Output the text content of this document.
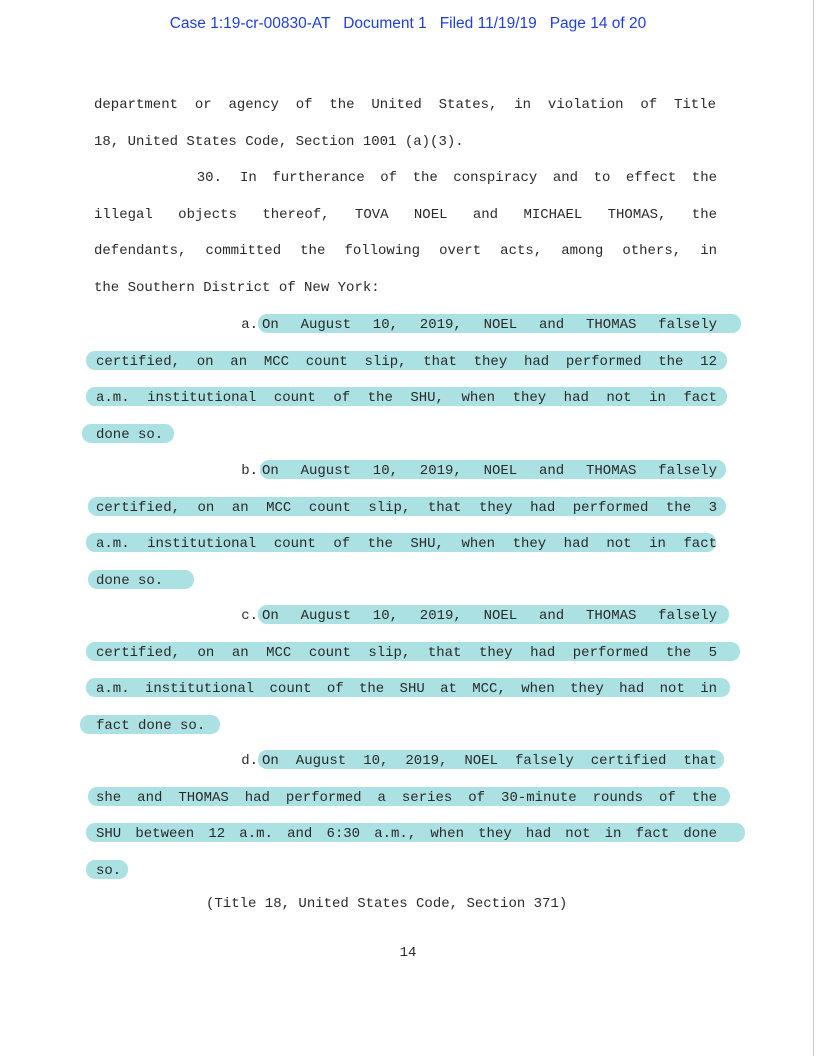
Case 1:19-cr-00830-AT Document 1 Filed 11/19/19 Page 14 of 20
department or agency of the United States, in violation of Title
18, United States Code, Section 1001 (a)(3).
30. In furtherance of the conspiracy and to effect the
illegal objects thereof, TOVA NOEL and MICHAEL THOMAS, the
defendants, committed the following overt acts, among others, in
the Southern District of New York:
a. On August 10, 2019, NOEL and THOMAS falsely
certified, on an MCC count slip, that they had performed the 12
a.m. institutional count of the SHU, when they had not in fact
done so.
b. On August 10, 2019, NOEL and THOMAS falsely
certified, on an MCC count slip, that they had performed the 3
a.m. institutional count of the SHU, when they had not in fact
done so.
c. On August 10, 2019, NOEL and THOMAS falsely
certified, on an MCC count slip, that they had performed the 5
a.m. institutional count of the SHU at MCC, when they had not in
fact done so.
d. On August 10, 2019, NOEL falsely certified that
she and THOMAS had performed a series of 30-minute rounds of the
SHU between 12 a.m. and 6:30 a.m., when they had not in fact done
so.
(Title 18, United States Code, Section 371)
14
